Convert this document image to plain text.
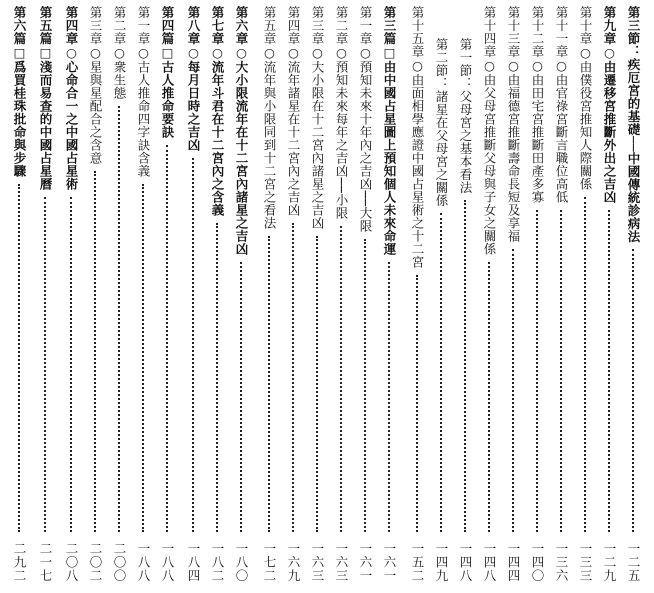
第三節：疾厄宮的基礎──中國傳統診病法
一二五
第九章○由遷移宮推斷外出之吉凶
一二九
第十章○由僕役宮推知人際關係
一三三
第十一章○由官祿宮斷言職位高低
一三六
第十二章○由田宅宮推斷田產多寡
一四〇
第十三章○由福德宮推斷壽命長短及享福
一四四
第十四章○由父母宮推斷父母與子女之關係
一四八
第一節：父母宮之基本看法
一四八
第二節：諸星在父母宮之關係
一四九
第十五章○由面相學應證中國占星術之十二宮
一五二
第三篇□由中國占星圖上預知個人未來命運
一六一
第一章○預知未來十年內之吉凶──大限
一六一
第二章○預知未來每年之吉凶──小限
一六三
第三章○大小限在十二宮內諸星之吉凶
一六三
第四章○流年諸星在十二宮內之吉凶
一六九
第五章○流年與小限同到十二宮之看法
一七二
第六章○大小限流年在十二宮內諸星之吉凶
一八〇
第七章○流年斗君在十二宮內之含義
一八二
第八章○每月日時之吉凶
一八四
第四篇□古人推命要訣
一八八
第一章○古人推命四字訣含義
一八八
第二章○衆生態
二〇〇
第三章○星與星配合之含意
二〇二
第四章○心命合一之中國占星術
二〇八
第五篇□淺而易查的中國占星曆
二一七
第六篇□爲買桂珠批命與步驟
二九二
